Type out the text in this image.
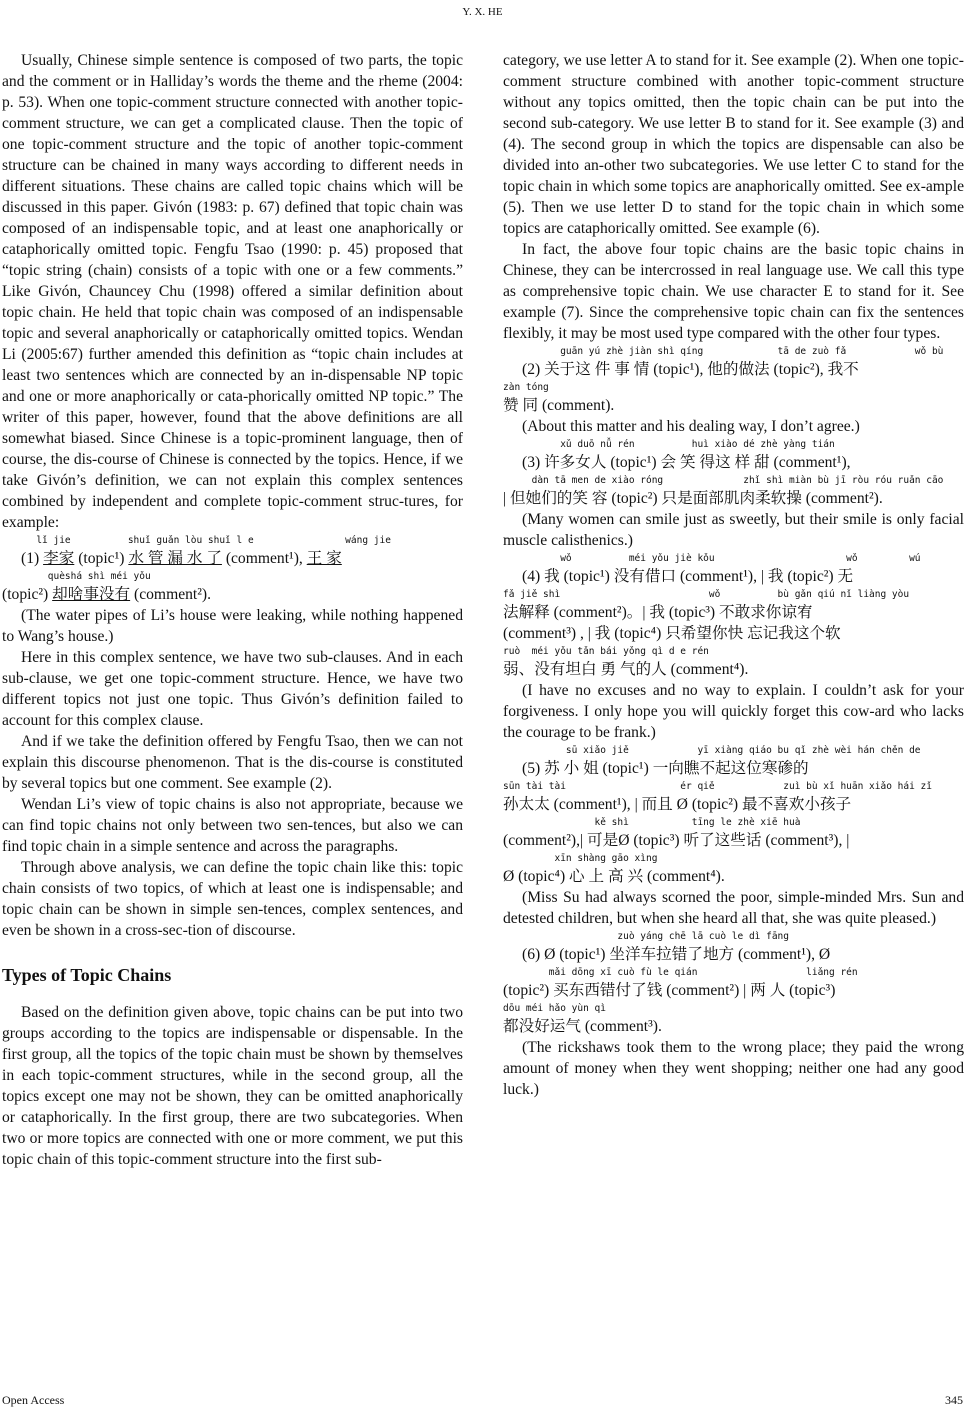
Y. X. HE

Usually, Chinese simple sentence is composed of two parts, the topic and the comment or in Halliday’s words the theme and the rheme (2004: p. 53). When one topic-comment structure connected with another topic-comment structure, we can get a complicated clause. Then the topic of one topic-comment structure and the topic of another topic-comment structure can be chained in many ways according to different needs in different situations. These chains are called topic chains which will be discussed in this paper. Givón (1983: p. 67) defined that topic chain was composed of an indispensable topic, and at least one anaphorically or cataphorically omitted topic. Fengfu Tsao (1990: p. 45) proposed that “topic string (chain) consists of a topic with one or a few comments.” Like Givón, Chauncey Chu (1998) offered a similar definition about topic chain. He held that topic chain was composed of an indispensable topic and several anaphorically or cataphorically omitted topics. Wendan Li (2005:67) further amended this definition as “topic chain includes at least two sentences which are connected by an in-dispensable NP topic and one or more anaphorically or cata-phorically omitted NP topic.” The writer of this paper, however, found that the above definitions are all somewhat biased. Since Chinese is a topic-prominent language, then of course, the dis-course of Chinese is connected by the topics. Hence, if we take Givón’s definition, we can not explain this complex sentences combined by independent and complete topic-comment struc-tures, for example:

lǐ jie          shuǐ guǎn lòu shuǐ l e                wáng jie

(1) 李家 (topic¹) 水 管 漏 水 了 (comment¹), 王 家

quèshá shì méi yǒu

(topic²) 却啥事没有 (comment²).

(The water pipes of Li’s house were leaking, while nothing happened to Wang’s house.)

Here in this complex sentence, we have two sub-clauses. And in each sub-clause, we get one topic-comment structure. Hence, we have two different topics not just one topic. Thus Givón’s definition failed to account for this complex clause.

And if we take the definition offered by Fengfu Tsao, then we can not explain this discourse phenomenon. That is the dis-course is constituted by several topics but one comment. See example (2).

Wendan Li’s view of topic chains is also not appropriate, because we can find topic chains not only between two sen-tences, but also we can find topic chain in a simple sentence and across the paragraphs.

Through above analysis, we can define the topic chain like this: topic chain consists of two topics, of which at least one is indispensable; and topic chain can be shown in simple sen-tences, complex sentences, and even be shown in a cross-sec-tion of discourse.

Types of Topic Chains

Based on the definition given above, topic chains can be put into two groups according to the topics are indispensable or dispensable. In the first group, all the topics of the topic chain must be shown by themselves in each topic-comment structures, while in the second group, all the topics except one may not be shown, they can be omitted anaphorically or cataphorically. In the first group, there are two subcategories. When two or more topics are connected with one or more comment, we put this topic chain of this topic-comment structure into the first sub-

category, we use letter A to stand for it. See example (2). When one topic-comment structure combined with another topic-comment structure without any topics omitted, then the topic chain can be put into the second sub-category. We use letter B to stand for it. See example (3) and (4). The second group in which the topics are dispensable can also be divided into an-other two subcategories. We use letter C to stand for the topic chain in which some topics are anaphorically omitted. See ex-ample (5). Then we use letter D to stand for the topic chain in which some topics are cataphorically omitted. See example (6).

In fact, the above four topic chains are the basic topic chains in Chinese, they can be intercrossed in real language use. We call this type as comprehensive topic chain. We use character E to stand for it. See example (7). Since the comprehensive topic chain can fix the sentences flexibly, it may be most used type compared with the other four types.

guān yú zhè jiàn shì qíng             tā de zuò fǎ            wǒ bù

(2) 关于这 件 事 情 (topic¹), 他的做法 (topic²), 我不

zàn tóng

赞 同 (comment).

(About this matter and his dealing way, I don’t agree.)

xǔ duō nǚ rén          huì xiào dé zhè yàng tián

(3) 许多女人 (topic¹) 会 笑 得这 样 甜 (comment¹),

dàn tā men de xiào róng              zhǐ shì miàn bù jī ròu róu ruǎn cāo

| 但她们的笑 容 (topic²) 只是面部肌肉柔软操 (comment²).

(Many women can smile just as sweetly, but their smile is only facial muscle calisthenics.)

wǒ          méi yǒu jiè kǒu                       wǒ         wú

(4) 我 (topic¹) 没有借口 (comment¹), | 我 (topic²) 无

fǎ jiě shì                          wǒ          bù gǎn qiú nǐ liàng yòu

法解释 (comment²)。| 我 (topic³) 不敢求你谅宥

(comment³) , | 我 (topic⁴) 只希望你快 忘记我这个软

ruò  méi yǒu tǎn bái yǒng qì d e rén

弱、没有坦白 勇 气的人 (comment⁴).

(I have no excuses and no way to explain. I couldn’t ask for your forgiveness. I only hope you will quickly forget this cow-ard who lacks the courage to be frank.)

sū xiǎo jiě            yī xiàng qiáo bu qǐ zhè wèi hán chěn de

(5) 苏 小 姐 (topic¹) 一向瞧不起这位寒碜的

sūn tài tài                    ér qiě            zuì bù xǐ huān xiǎo hái zǐ

孙太太 (comment¹), | 而且 Ø (topic²) 最不喜欢小孩子

kě shì           tīng le zhè xiē huà

(comment²),| 可是Ø (topic³) 听了这些话 (comment³), |

xīn shàng gāo xìng

Ø (topic⁴) 心 上 高 兴 (comment⁴).

(Miss Su had always scorned the poor, simple-minded Mrs. Sun and detested children, but when she heard all that, she was quite pleased.)

zuò yáng chē lā cuò le dì fāng

(6) Ø (topic¹) 坐洋车拉错了地方 (comment¹), Ø

mǎi dōng xī cuò fù le qián                   liǎng rén

(topic²) 买东西错付了钱 (comment²) | 两 人 (topic³)

dōu méi hǎo yùn qì

都没好运气 (comment³).

(The rickshaws took them to the wrong place; they paid the wrong amount of money when they went shopping; neither one had any good luck.)

Open Access	345
